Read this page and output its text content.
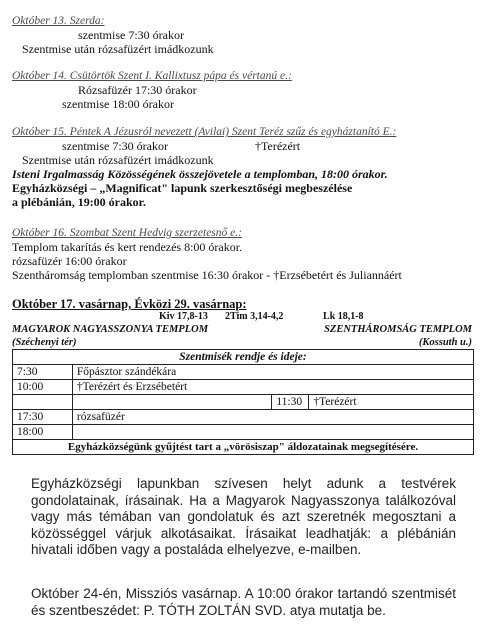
Október 13. Szerda:
szentmise 7:30 órakor
Szentmise után rózsafüzért imádkozunk
Október 14. Csütörtök Szent I. Kallixtusz pápa és vértanú e.:
Rózsafüzér 17:30 órakor
szentmise 18:00 órakor
Október 15. Péntek A Jézusról nevezett (Avilai) Szent Teréz szűz és egyháztanító E.:
szentmise 7:30 órakor	†Terézért
Szentmise után rózsafüzért imádkozunk
Isteni Irgalmasság Közösségének összejövetele a templomban, 18:00 órakor.
Egyházközségi – „Magnificat" lapunk szerkesztőségi megbeszélése
a plébánián, 19:00 órakor.
Október 16. Szombat Szent Hedvig szerzetesnő e.:
Templom takarítás és kert rendezés 8:00 órakor.
rózsafüzér 16:00 órakor
Szentháromság templomban szentmise 16:30 órakor - †Erzsébetért és Juliannáért
Október 17. vasárnap, Évközi 29. vasárnap:
Kiv 17,8-13 2Tim 3,14-4,2	Lk 18,1-8
MAGYAROK NAGYASSZONYA TEMPLOM	SZENTHÁROMSÁG TEMPLOM
(Széchenyi tér)	(Kossuth u.)
Szentmisék rendje és ideje:			
7:30	Főpásztor szándékára		
10:00	†Terézért és Erzsébetért		
		11:30	†Terézért
17:30	rózsafüzér		
18:00			
Egyházközségünk gyűjtést tart a „vörösiszap" áldozatainak megsegítésére.			
Egyházközségi lapunkban szívesen helyt adunk a testvérek gondolatainak, írásainak. Ha a Magyarok Nagyasszonya találkozóval vagy más témában van gondolatuk és azt szeretnék megosztani a közösséggel várjuk alkotásaikat. Írásaikat leadhatják: a plébánián hivatali időben vagy a postaláda elhelyezve, e-mailben.
Október 24-én, Missziós vasárnap. A 10:00 órakor tartandó szentmisét és szentbeszédet: P. TÓTH ZOLTÁN SVD. atya mutatja be.
